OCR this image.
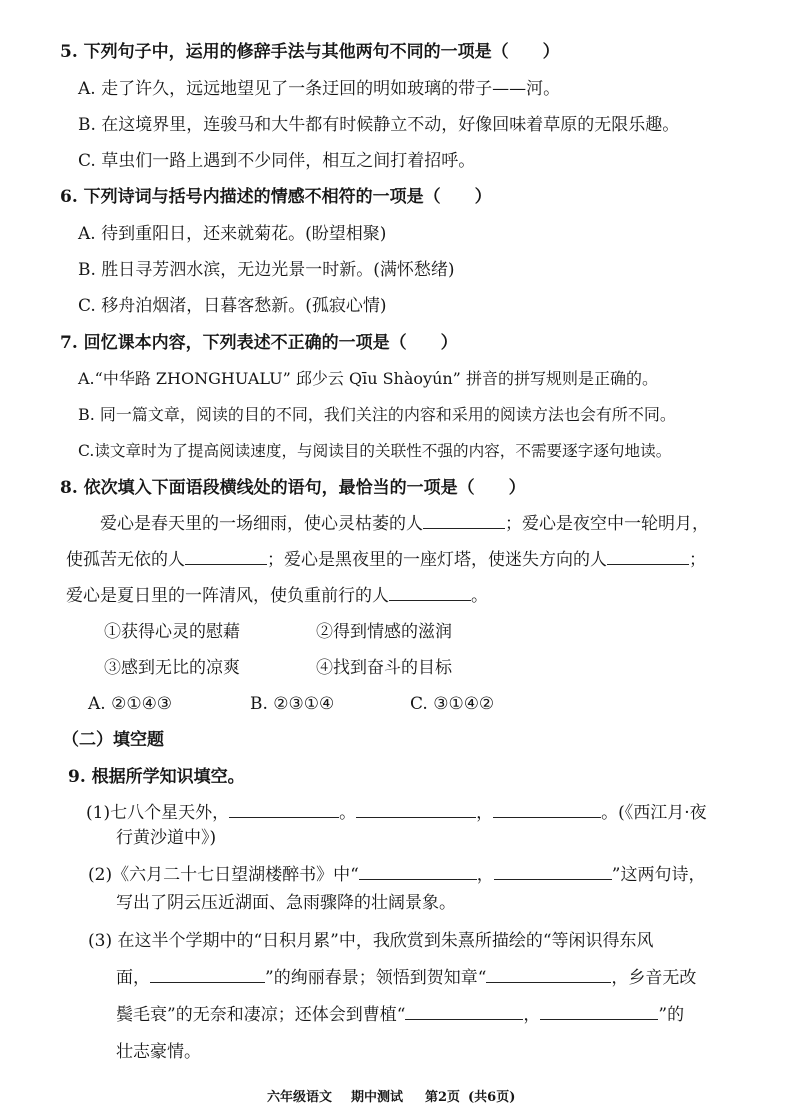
5. 下列句子中，运用的修辞手法与其他两句不同的一项是（　　）
A. 走了许久，远远地望见了一条迂回的明如玻璃的带子——河。
B. 在这境界里，连骏马和大牛都有时候静立不动，好像回味着草原的无限乐趣。
C. 草虫们一路上遇到不少同伴，相互之间打着招呼。
6. 下列诗词与括号内描述的情感不相符的一项是（　　）
A. 待到重阳日，还来就菊花。(盼望相聚)
B. 胜日寻芳泗水滨，无边光景一时新。(满怀愁绪)
C. 移舟泊烟渚，日暮客愁新。(孤寂心情)
7. 回忆课本内容，下列表述不正确的一项是（　　）
A.“中华路 ZHONGHUALU” 邱少云 Qīu Shàoyún” 拼音的拼写规则是正确的。
B. 同一篇文章，阅读的目的不同，我们关注的内容和采用的阅读方法也会有所不同。
C.读文章时为了提高阅读速度，与阅读目的关联性不强的内容，不需要逐字逐句地读。
8. 依次填入下面语段横线处的语句，最恰当的一项是（　　）
爱心是春天里的一场细雨，使心灵枯萎的人	；爱心是夜空中一轮明月，
使孤苦无依的人	；爱心是黑夜里的一座灯塔，使迷失方向的人	；
爱心是夏日里的一阵清风，使负重前行的人	。
①获得心灵的慰藉	②得到情感的滋润
③感到无比的凉爽	④找到奋斗的目标
A. ②①④③	B. ②③①④	C. ③①④②
（二）填空题
9. 根据所学知识填空。
(1)七八个星天外，	。	，	。(《西江月·夜
行黄沙道中》)
(2)《六月二十七日望湖楼醉书》中“	，	”这两句诗，
写出了阴云压近湖面、急雨骤降的壮阔景象。
(3) 在这半个学期中的“日积月累”中，我欣赏到朱熹所描绘的“等闲识得东风
面，	”的绚丽春景；领悟到贺知章“	，乡音无改
鬓毛衰”的无奈和凄凉；还体会到曹植“	，	”的
壮志豪情。
六年级语文 期中测试 第2页 (共6页)
